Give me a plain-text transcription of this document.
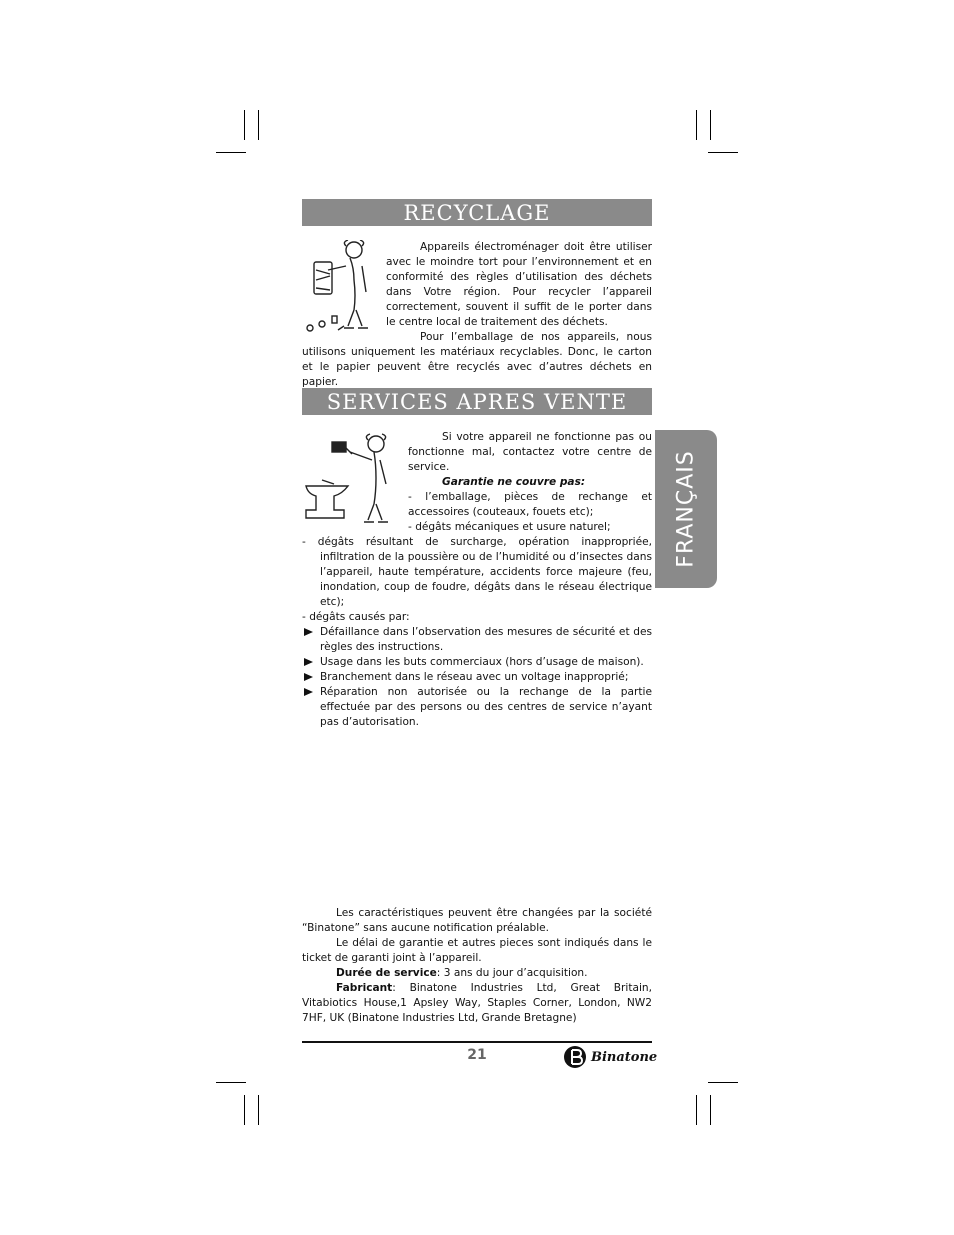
FRANÇAIS
RECYCLAGE

Appareils électroménager doit être utiliser avec le moindre tort pour l’environnement et en conformité des règles d’utilisation des déchets dans Votre région. Pour recycler l’appareil correctement, souvent il suffit de le porter dans le centre local de traitement des déchets.

Pour l’emballage de nos appareils, nous utilisons uniquement les matériaux recyclables. Donc, le carton et le papier peuvent être recyclés avec d’autres déchets en papier.

SERVICES APRES VENTE

Si votre appareil ne fonctionne pas ou fonctionne mal, contactez votre centre de service.

Garantie ne couvre pas:

- l’emballage, pièces de rechange et accessoires (couteaux, fouets etc);

- dégâts mécaniques et usure naturel;

- dégâts résultant de surcharge, opération inappropriée, infiltration de la poussière ou de l’humidité ou d’insectes dans l’appareil, haute température, accidents force majeure (feu, inondation, coup de foudre, dégâts dans le réseau électrique etc);

- dégâts causés par:

Défaillance dans l’observation des mesures de sécurité et des règles des instructions.

Usage dans les buts commerciaux (hors d’usage de maison).

Branchement dans le réseau avec un voltage inapproprié;

Réparation non autorisée ou la rechange de la partie effectuée par des persons ou des centres de service n’ayant pas d’autorisation.

Les caractéristiques peuvent être changées par la société “Binatone” sans aucune notification préalable.

Le délai de garantie et autres pieces sont indiqués dans le ticket de garanti joint à l’appareil.

Durée de service: 3 ans du jour d’acquisition.

Fabricant: Binatone Industries Ltd, Great Britain, Vitabiotics House,1 Apsley Way, Staples Corner, London, NW2 7HF, UK (Binatone Industries Ltd, Grande Bretagne)

21	Binatone
